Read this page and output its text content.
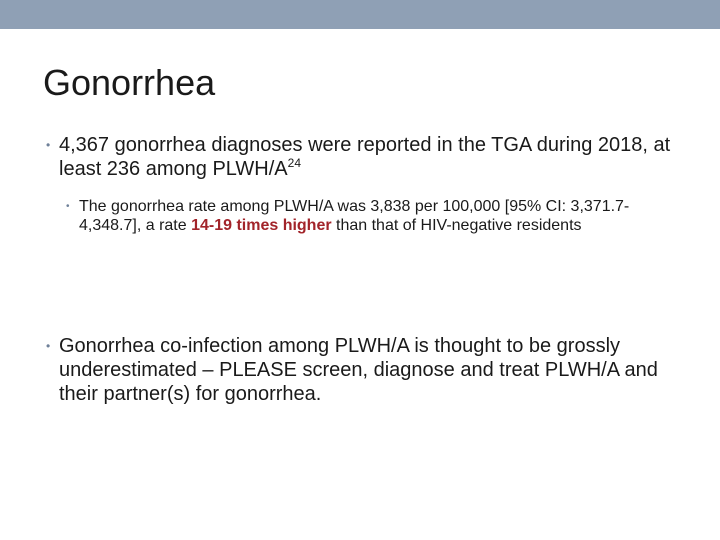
Gonorrhea
• 4,367 gonorrhea diagnoses were reported in the TGA during 2018, at least 236 among PLWH/$A^{24}$
• The gonorrhea rate among PLWH/A was 3,838 per 100,000 [95% CI: 3,371.7-4,348.7], a rate 14-19 times higher than that of HIV-negative residents
• Gonorrhea co-infection among PLWH/A is thought to be grossly underestimated – PLEASE screen, diagnose and treat PLWH/A and their partner(s) for gonorrhea.
